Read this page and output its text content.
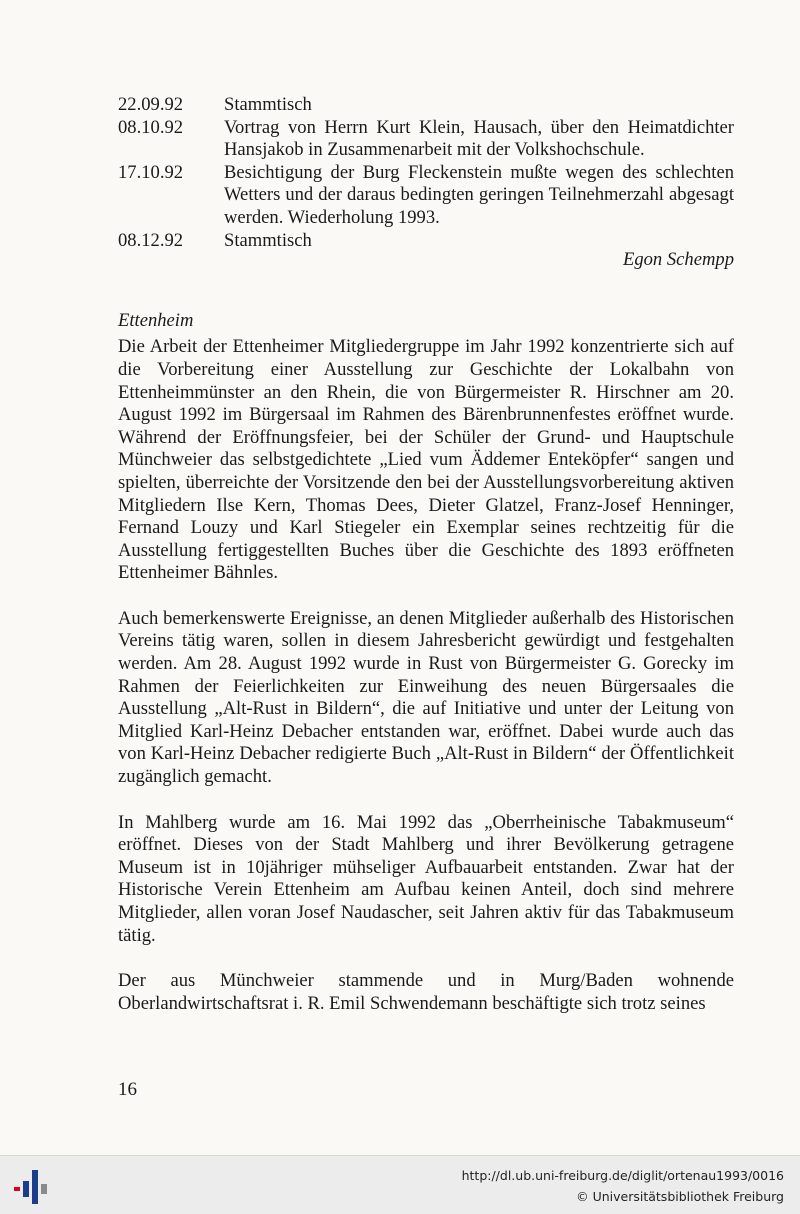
22.09.92	Stammtisch
08.10.92	Vortrag von Herrn Kurt Klein, Hausach, über den Heimatdichter Hansjakob in Zusammenarbeit mit der Volkshochschule.
17.10.92	Besichtigung der Burg Fleckenstein mußte wegen des schlechten Wetters und der daraus bedingten geringen Teilnehmerzahl abgesagt werden. Wiederholung 1993.
08.12.92	Stammtisch
Egon Schempp
Ettenheim

Die Arbeit der Ettenheimer Mitgliedergruppe im Jahr 1992 konzentrierte sich auf die Vorbereitung einer Ausstellung zur Geschichte der Lokalbahn von Ettenheimmünster an den Rhein, die von Bürgermeister R. Hirschner am 20. August 1992 im Bürgersaal im Rahmen des Bärenbrunnenfestes eröffnet wurde. Während der Eröffnungsfeier, bei der Schüler der Grund- und Hauptschule Münchweier das selbstgedichtete „Lied vum Äddemer Enteköpfer“ sangen und spielten, überreichte der Vorsitzende den bei der Ausstellungsvorbereitung aktiven Mitgliedern Ilse Kern, Thomas Dees, Dieter Glatzel, Franz-Josef Henninger, Fernand Louzy und Karl Stiegeler ein Exemplar seines rechtzeitig für die Ausstellung fertiggestellten Buches über die Geschichte des 1893 eröffneten Ettenheimer Bähnles.

Auch bemerkenswerte Ereignisse, an denen Mitglieder außerhalb des Historischen Vereins tätig waren, sollen in diesem Jahresbericht gewürdigt und festgehalten werden. Am 28. August 1992 wurde in Rust von Bürgermeister G. Gorecky im Rahmen der Feierlichkeiten zur Einweihung des neuen Bürgersaales die Ausstellung „Alt-Rust in Bildern“, die auf Initiative und unter der Leitung von Mitglied Karl-Heinz Debacher entstanden war, eröffnet. Dabei wurde auch das von Karl-Heinz Debacher redigierte Buch „Alt-Rust in Bildern“ der Öffentlichkeit zugänglich gemacht.

In Mahlberg wurde am 16. Mai 1992 das „Oberrheinische Tabakmuseum“ eröffnet. Dieses von der Stadt Mahlberg und ihrer Bevölkerung getragene Museum ist in 10jähriger mühseliger Aufbauarbeit entstanden. Zwar hat der Historische Verein Ettenheim am Aufbau keinen Anteil, doch sind mehrere Mitglieder, allen voran Josef Naudascher, seit Jahren aktiv für das Tabakmuseum tätig.

Der aus Münchweier stammende und in Murg/Baden wohnende Oberlandwirtschaftsrat i. R. Emil Schwendemann beschäftigte sich trotz seines

16
http://dl.ub.uni-freiburg.de/diglit/ortenau1993/0016
© Universitätsbibliothek Freiburg
